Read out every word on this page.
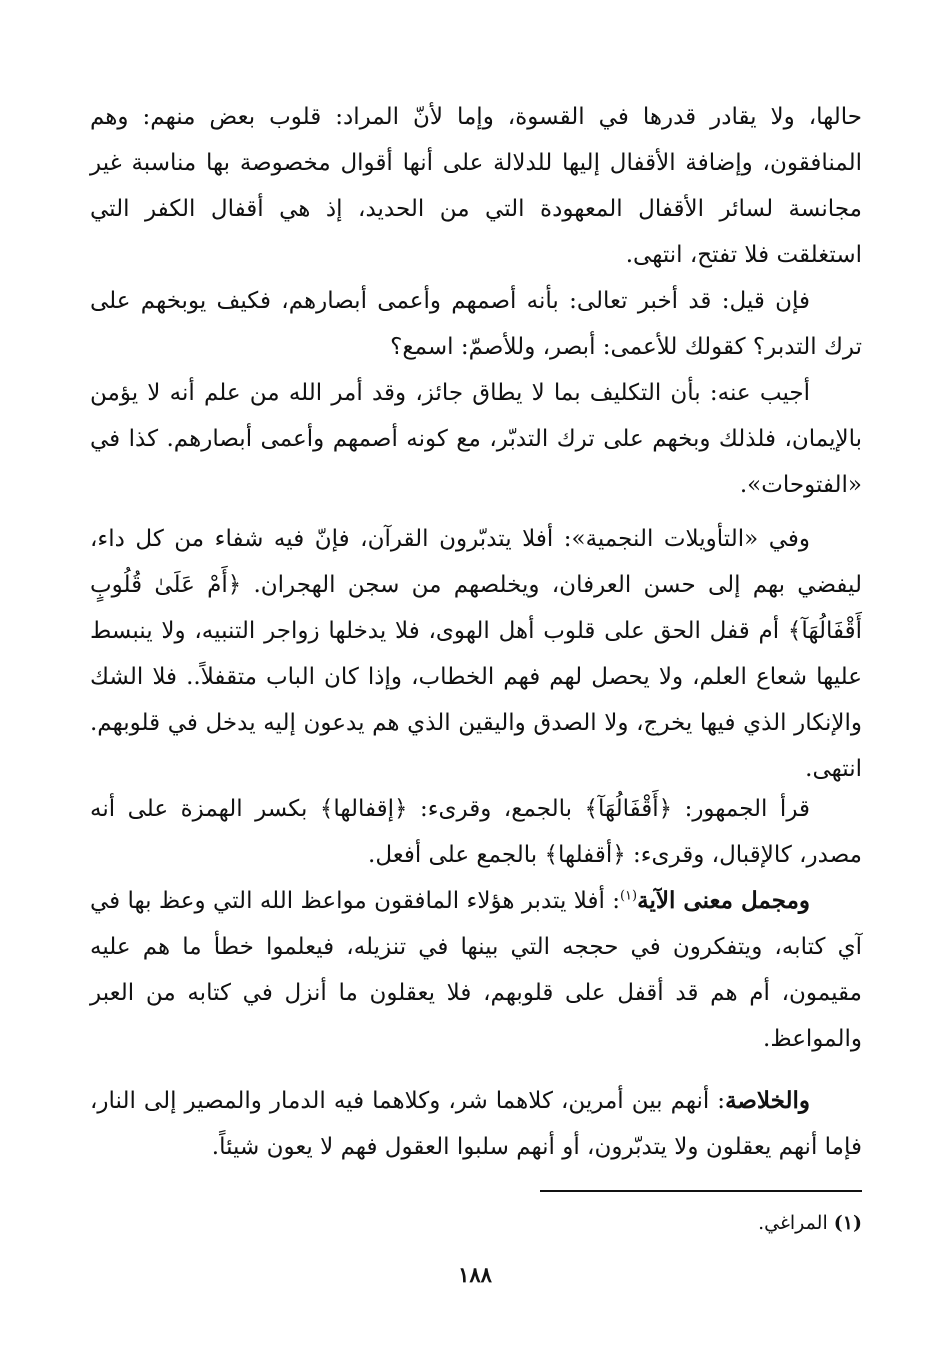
حالها، ولا يقادر قدرها في القسوة، وإما لأنّ المراد: قلوب بعض منهم: وهم المنافقون، وإضافة الأقفال إليها للدلالة على أنها أقوال مخصوصة بها مناسبة غير مجانسة لسائر الأقفال المعهودة التي من الحديد، إذ هي أقفال الكفر التي استغلقت فلا تفتح، انتهى.

فإن قيل: قد أخبر تعالى: بأنه أصمهم وأعمى أبصارهم، فكيف يوبخهم على ترك التدبر؟ كقولك للأعمى: أبصر، وللأصمّ: اسمع؟

أجيب عنه: بأن التكليف بما لا يطاق جائز، وقد أمر الله من علم أنه لا يؤمن بالإيمان، فلذلك وبخهم على ترك التدبّر، مع كونه أصمهم وأعمى أبصارهم. كذا في «الفتوحات».

وفي «التأويلات النجمية»: أفلا يتدبّرون القرآن، فإنّ فيه شفاء من كل داء، ليفضي بهم إلى حسن العرفان، ويخلصهم من سجن الهجران. ﴿أَمْ عَلَىٰ قُلُوبٍ أَقْفَالُهَآ﴾ أم قفل الحق على قلوب أهل الهوى، فلا يدخلها زواجر التنبيه، ولا ينبسط عليها شعاع العلم، ولا يحصل لهم فهم الخطاب، وإذا كان الباب متقفلاً.. فلا الشك والإنكار الذي فيها يخرج، ولا الصدق واليقين الذي هم يدعون إليه يدخل في قلوبهم. انتهى.

قرأ الجمهور: ﴿أَقْفَالُهَآ﴾ بالجمع، وقرىء: ﴿إقفالها﴾ بكسر الهمزة على أنه مصدر، كالإقبال، وقرىء: ﴿أقفلها﴾ بالجمع على أفعل.

ومجمل معنى الآية$^{(١)}$: أفلا يتدبر هؤلاء المافقون مواعظ الله التي وعظ بها في آي كتابه، ويتفكرون في حججه التي بينها في تنزيله، فيعلموا خطأ ما هم عليه مقيمون، أم هم قد أقفل على قلوبهم، فلا يعقلون ما أنزل في كتابه من العبر والمواعظ.

والخلاصة: أنهم بين أمرين، كلاهما شر، وكلاهما فيه الدمار والمصير إلى النار، فإما أنهم يعقلون ولا يتدبّرون، أو أنهم سلبوا العقول فهم لا يعون شيئاً.

(١) المراغي.
١٨٨
